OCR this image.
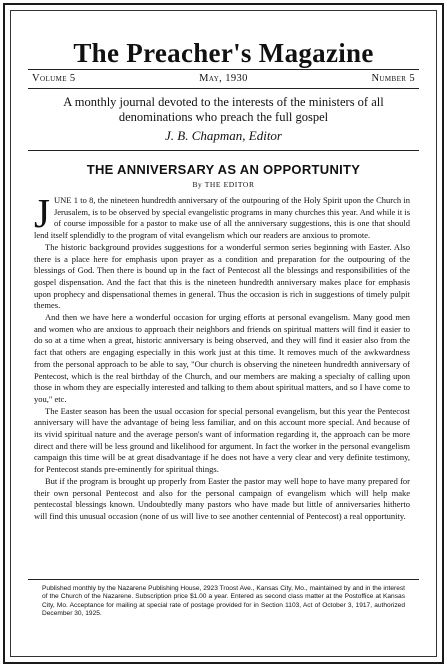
The Preacher's Magazine
Volume 5	May, 1930	Number 5
A monthly journal devoted to the interests of the ministers of all denominations who preach the full gospel
J. B. Chapman, Editor
THE ANNIVERSARY AS AN OPPORTUNITY
By THE EDITOR

JUNE 1 to 8, the nineteen hundredth anniversary of the outpouring of the Holy Spirit upon the Church in Jerusalem, is to be observed by special evangelistic programs in many churches this year. And while it is of course impossible for a pastor to make use of all the anniversary suggestions, this is one that should lend itself splendidly to the program of vital evangelism which our readers are anxious to promote.

The historic background provides suggestions for a wonderful sermon series beginning with Easter. Also there is a place here for emphasis upon prayer as a condition and preparation for the outpouring of the blessings of God. Then there is bound up in the fact of Pentecost all the blessings and responsibilities of the gospel dispensation. And the fact that this is the nineteen hundredth anniversary makes place for emphasis upon prophecy and dispensational themes in general. Thus the occasion is rich in suggestions of timely pulpit themes.

And then we have here a wonderful occasion for urging efforts at personal evangelism. Many good men and women who are anxious to approach their neighbors and friends on spiritual matters will find it easier to do so at a time when a great, historic anniversary is being observed, and they will find it easier also from the fact that others are engaging especially in this work just at this time. It removes much of the awkwardness from the personal approach to be able to say, "Our church is observing the nineteen hundredth anniversary of Pentecost, which is the real birthday of the Church, and our members are making a specialty of calling upon those in whom they are especially interested and talking to them about spiritual matters, and so I have come to you," etc.

The Easter season has been the usual occasion for special personal evangelism, but this year the Pentecost anniversary will have the advantage of being less familiar, and on this account more special. And because of its vivid spiritual nature and the average person's want of information regarding it, the approach can be more direct and there will be less ground and likelihood for argument. In fact the worker in the personal evangelism campaign this time will be at great disadvantage if he does not have a very clear and very definite testimony, for Pentecost stands pre-eminently for spiritual things.

But if the program is brought up properly from Easter the pastor may well hope to have many prepared for their own personal Pentecost and also for the personal campaign of evangelism which will help make pentecostal blessings known. Undoubtedly many pastors who have made but little of anniversaries hitherto will find this unusual occasion (none of us will live to see another centennial of Pentecost) a real opportunity.

Published monthly by the Nazarene Publishing House, 2923 Troost Ave., Kansas City, Mo., maintained by and in the interest of the Church of the Nazarene. Subscription price $1.00 a year. Entered as second class matter at the Postoffice at Kansas City, Mo. Acceptance for mailing at special rate of postage provided for in Section 1103, Act of October 3, 1917, authorized December 30, 1925.
